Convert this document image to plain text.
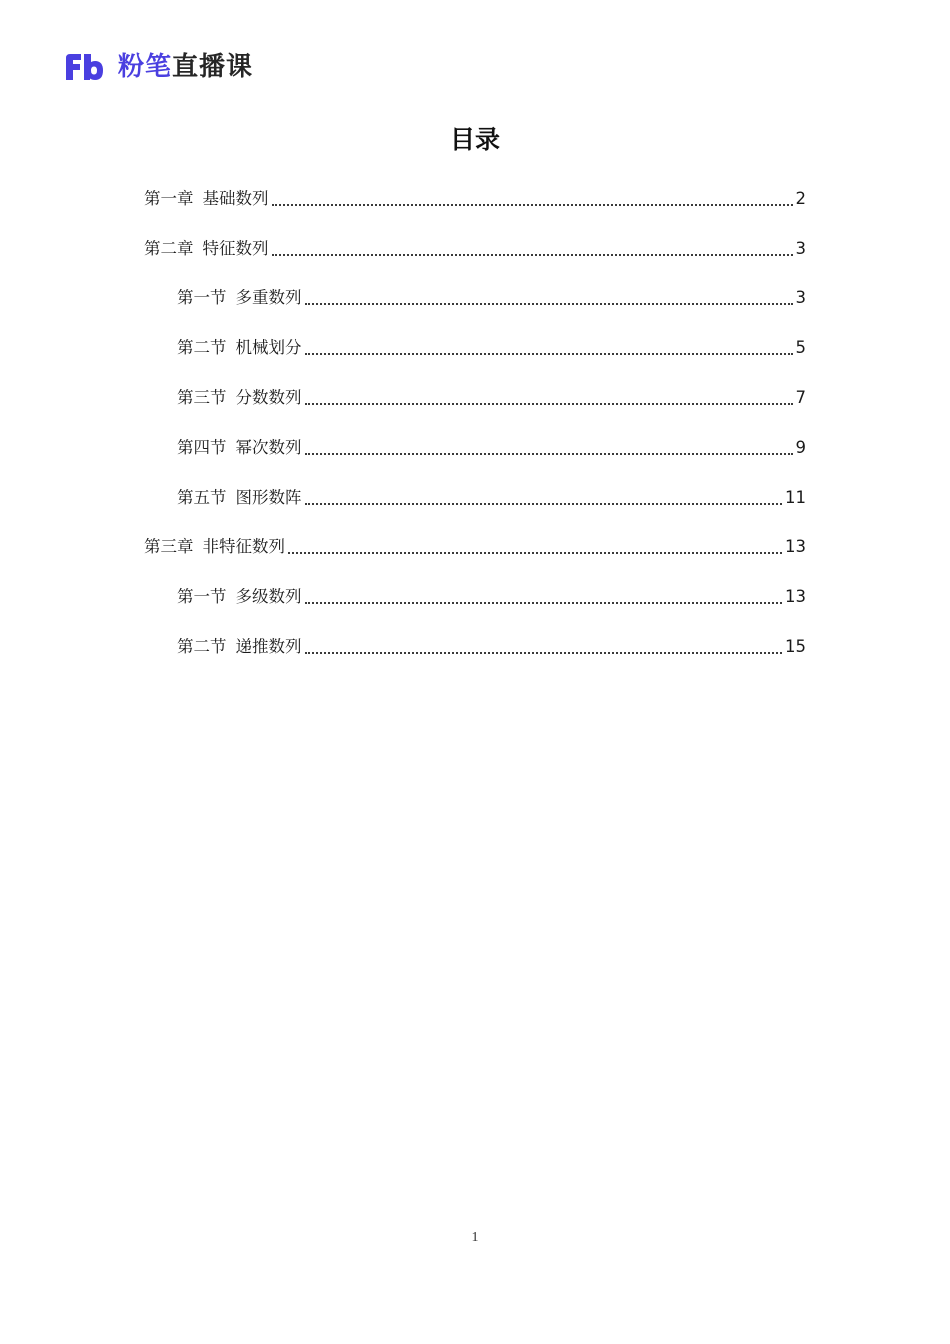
粉笔直播课
目录
第一章 基础数列	2
第二章 特征数列	3
第一节 多重数列	3
第二节 机械划分	5
第三节 分数数列	7
第四节 幂次数列	9
第五节 图形数阵	11
第三章 非特征数列	13
第一节 多级数列	13
第二节 递推数列	15
1
